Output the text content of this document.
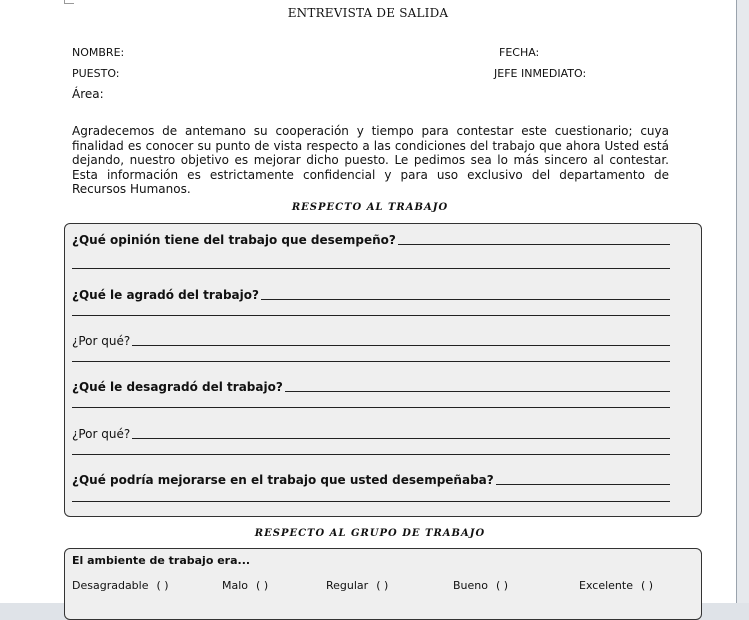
ENTREVISTA DE SALIDA
NOMBRE:	FECHA:
PUESTO:	JEFE INMEDIATO:
Área:
Agradecemos de antemano su cooperación y tiempo para contestar este cuestionario; cuya finalidad es conocer su punto de vista respecto a las condiciones del trabajo que ahora Usted está dejando, nuestro objetivo es mejorar dicho puesto. Le pedimos sea lo más sincero al contestar. Esta información es estrictamente confidencial y para uso exclusivo del departamento de Recursos Humanos.
RESPECTO AL TRABAJO
¿Qué opinión tiene del trabajo que desempeño?
¿Qué le agradó del trabajo?
¿Por qué?
¿Qué le desagradó del trabajo?
¿Por qué?
¿Qué podría mejorarse en el trabajo que usted desempeñaba?
RESPECTO AL GRUPO DE TRABAJO
El ambiente de trabajo era...
Desagradable ( )	Malo ( )	Regular ( )	Bueno ( )	Excelente ( )
